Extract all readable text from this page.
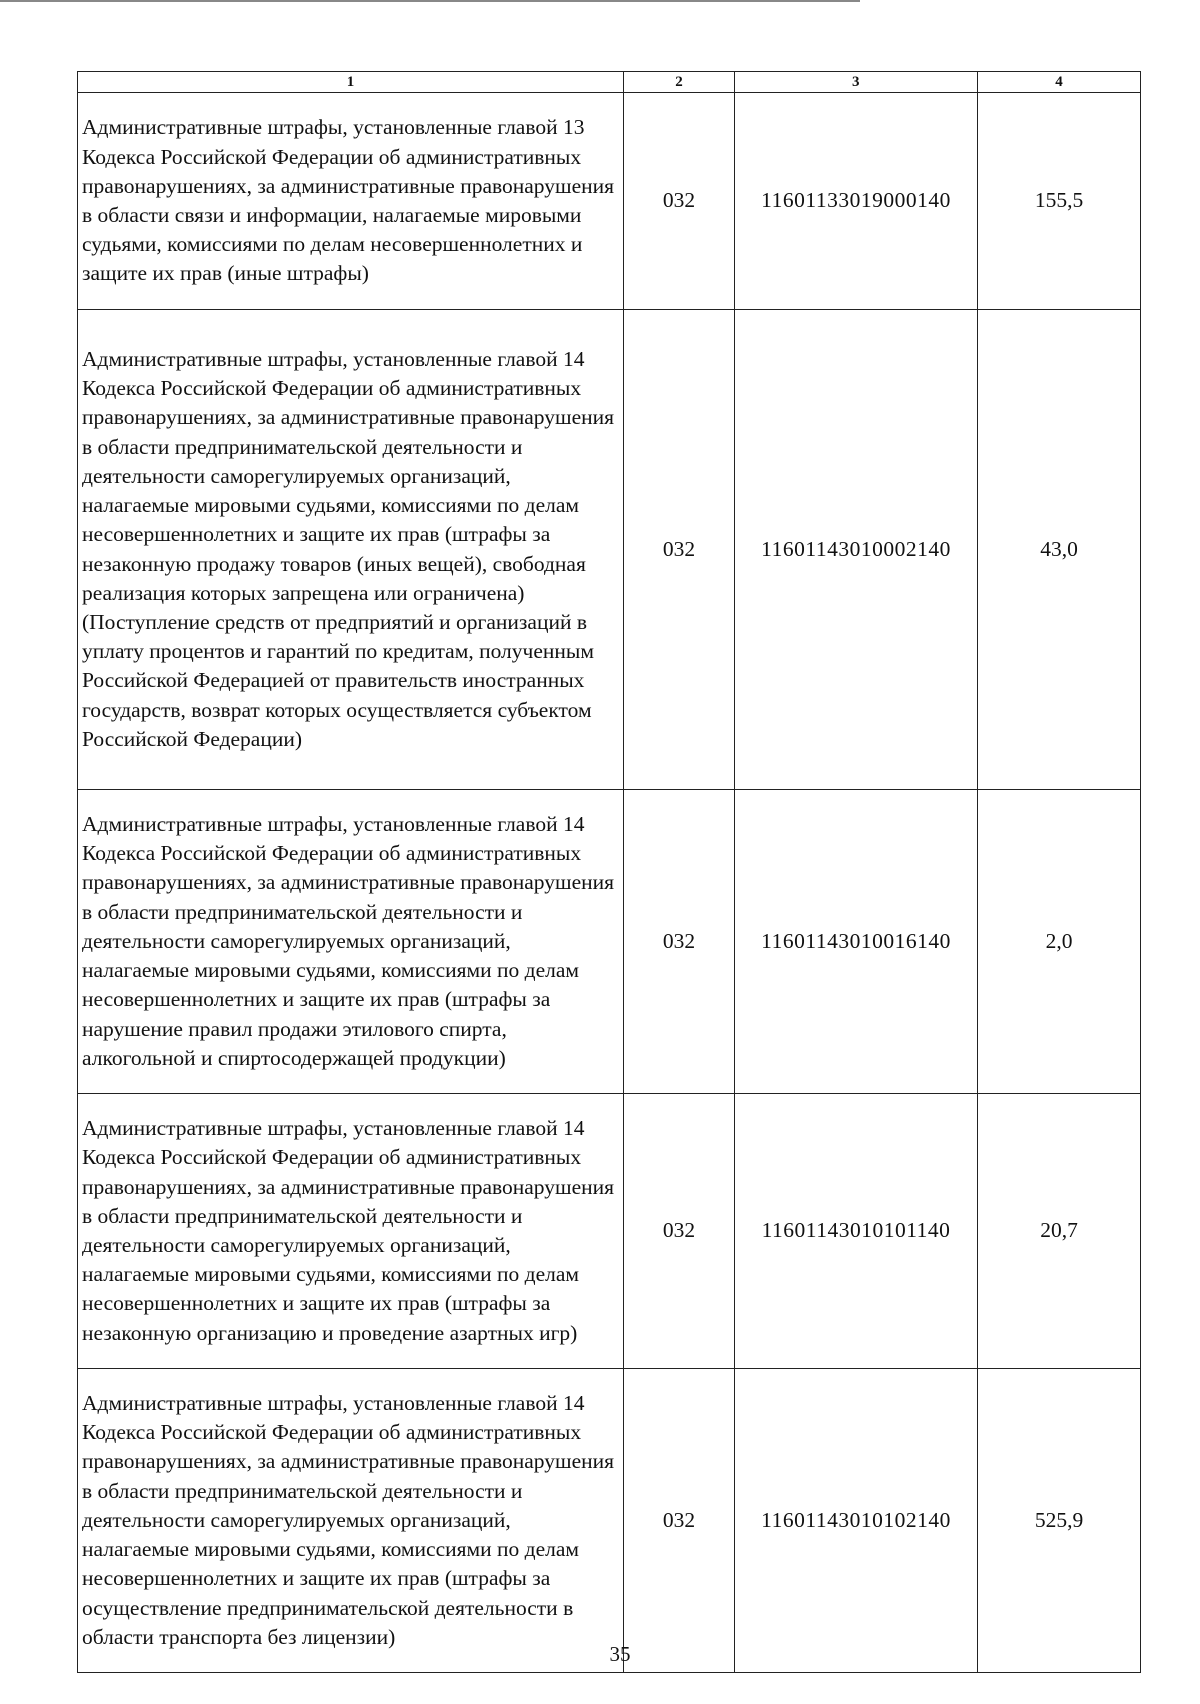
1	2	3	4
Административные штрафы, установленные главой 13 Кодекса Российской Федерации об административных правонарушениях, за административные правонарушения в области связи и информации, налагаемые мировыми судьями, комиссиями по делам несовершеннолетних и защите их прав (иные штрафы)	032	11601133019000140	155,5
Административные штрафы, установленные главой 14 Кодекса Российской Федерации об административных правонарушениях, за административные правонарушения в области предпринимательской деятельности и деятельности саморегулируемых организаций, налагаемые мировыми судьями, комиссиями по делам несовершеннолетних и защите их прав (штрафы за незаконную продажу товаров (иных вещей), свободная реализация которых запрещена или ограничена) (Поступление средств от предприятий и организаций в уплату процентов и гарантий по кредитам, полученным Российской Федерацией от правительств иностранных государств, возврат которых осуществляется субъектом Российской Федерации)	032	11601143010002140	43,0
Административные штрафы, установленные главой 14 Кодекса Российской Федерации об административных правонарушениях, за административные правонарушения в области предпринимательской деятельности и деятельности саморегулируемых организаций, налагаемые мировыми судьями, комиссиями по делам несовершеннолетних и защите их прав (штрафы за нарушение правил продажи этилового спирта, алкогольной и спиртосодержащей продукции)	032	11601143010016140	2,0
Административные штрафы, установленные главой 14 Кодекса Российской Федерации об административных правонарушениях, за административные правонарушения в области предпринимательской деятельности и деятельности саморегулируемых организаций, налагаемые мировыми судьями, комиссиями по делам несовершеннолетних и защите их прав (штрафы за незаконную организацию и проведение азартных игр)	032	11601143010101140	20,7
Административные штрафы, установленные главой 14 Кодекса Российской Федерации об административных правонарушениях, за административные правонарушения в области предпринимательской деятельности и деятельности саморегулируемых организаций, налагаемые мировыми судьями, комиссиями по делам несовершеннолетних и защите их прав (штрафы за осуществление предпринимательской деятельности в области транспорта без лицензии)	032	11601143010102140	525,9
35
